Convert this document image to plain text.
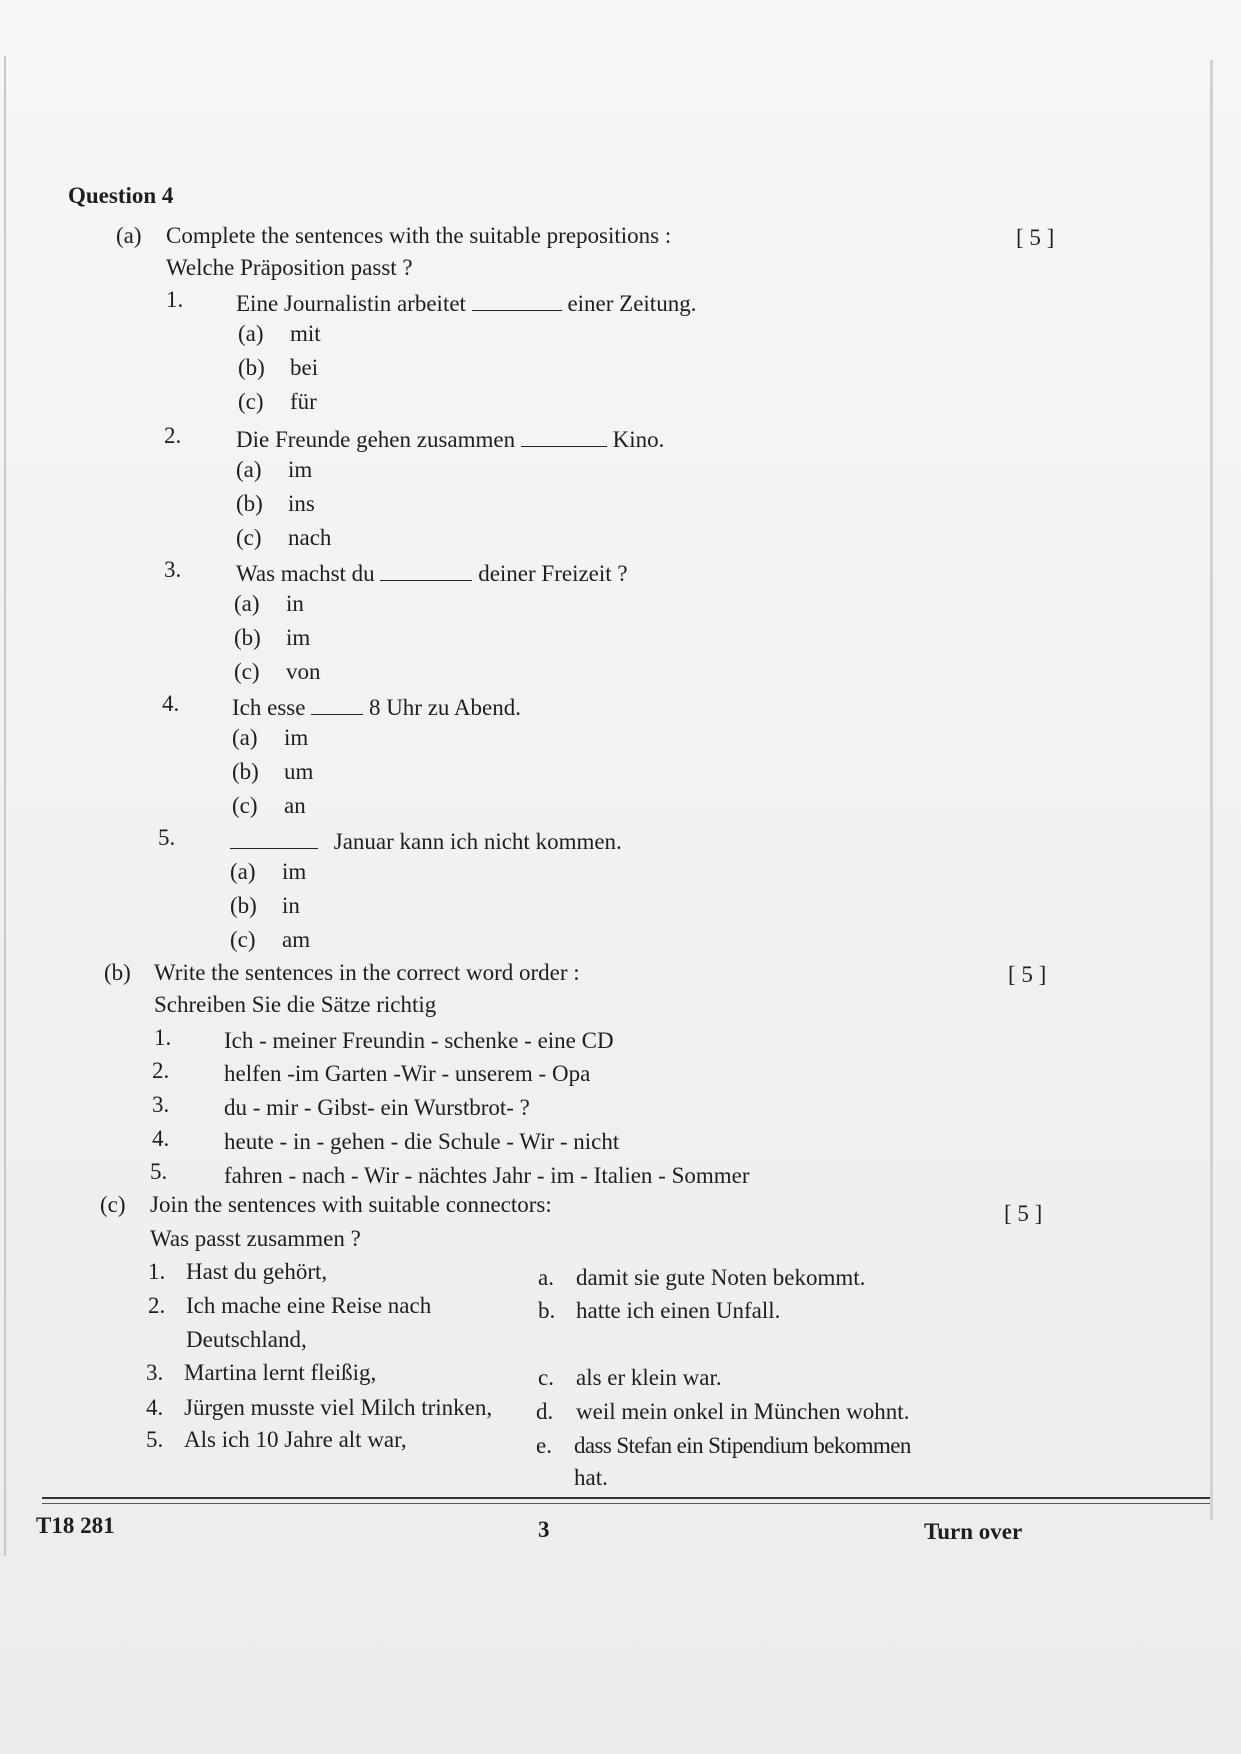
Question 4
(a) Complete the sentences with the suitable prepositions :	[ 5 ]
Welche Präposition passt ?
1. Eine Journalistin arbeitet	einer Zeitung.
(a) mit
(b) bei
(c) für
2. Die Freunde gehen zusammen	Kino.
(a) im
(b) ins
(c) nach
3. Was machst du	deiner Freizeit ?
(a) in
(b) im
(c) von
4. Ich esse	8 Uhr zu Abend.
(a) im
(b) um
(c) an
5.	Januar kann ich nicht kommen.
(a) im
(b) in
(c) am
(b) Write the sentences in the correct word order :	[ 5 ]
Schreiben Sie die Sätze richtig
1. Ich - meiner Freundin - schenke - eine CD
2. helfen -im Garten -Wir - unserem - Opa
3. du - mir - Gibst- ein Wurstbrot- ?
4. heute - in - gehen - die Schule - Wir - nicht
5. fahren - nach - Wir - nächtes Jahr - im - Italien - Sommer
(c) Join the sentences with suitable connectors:	[ 5 ]
Was passt zusammen ?
1. Hast du gehört,
2. Ich mache eine Reise nach
Deutschland,
3. Martina lernt fleißig,
4. Jürgen musste viel Milch trinken,
5. Als ich 10 Jahre alt war,
a. damit sie gute Noten bekommt.
b. hatte ich einen Unfall.
c. als er klein war.
d. weil mein onkel in München wohnt.
e. dass Stefan ein Stipendium bekommen
hat.
T18 281	3	Turn over
